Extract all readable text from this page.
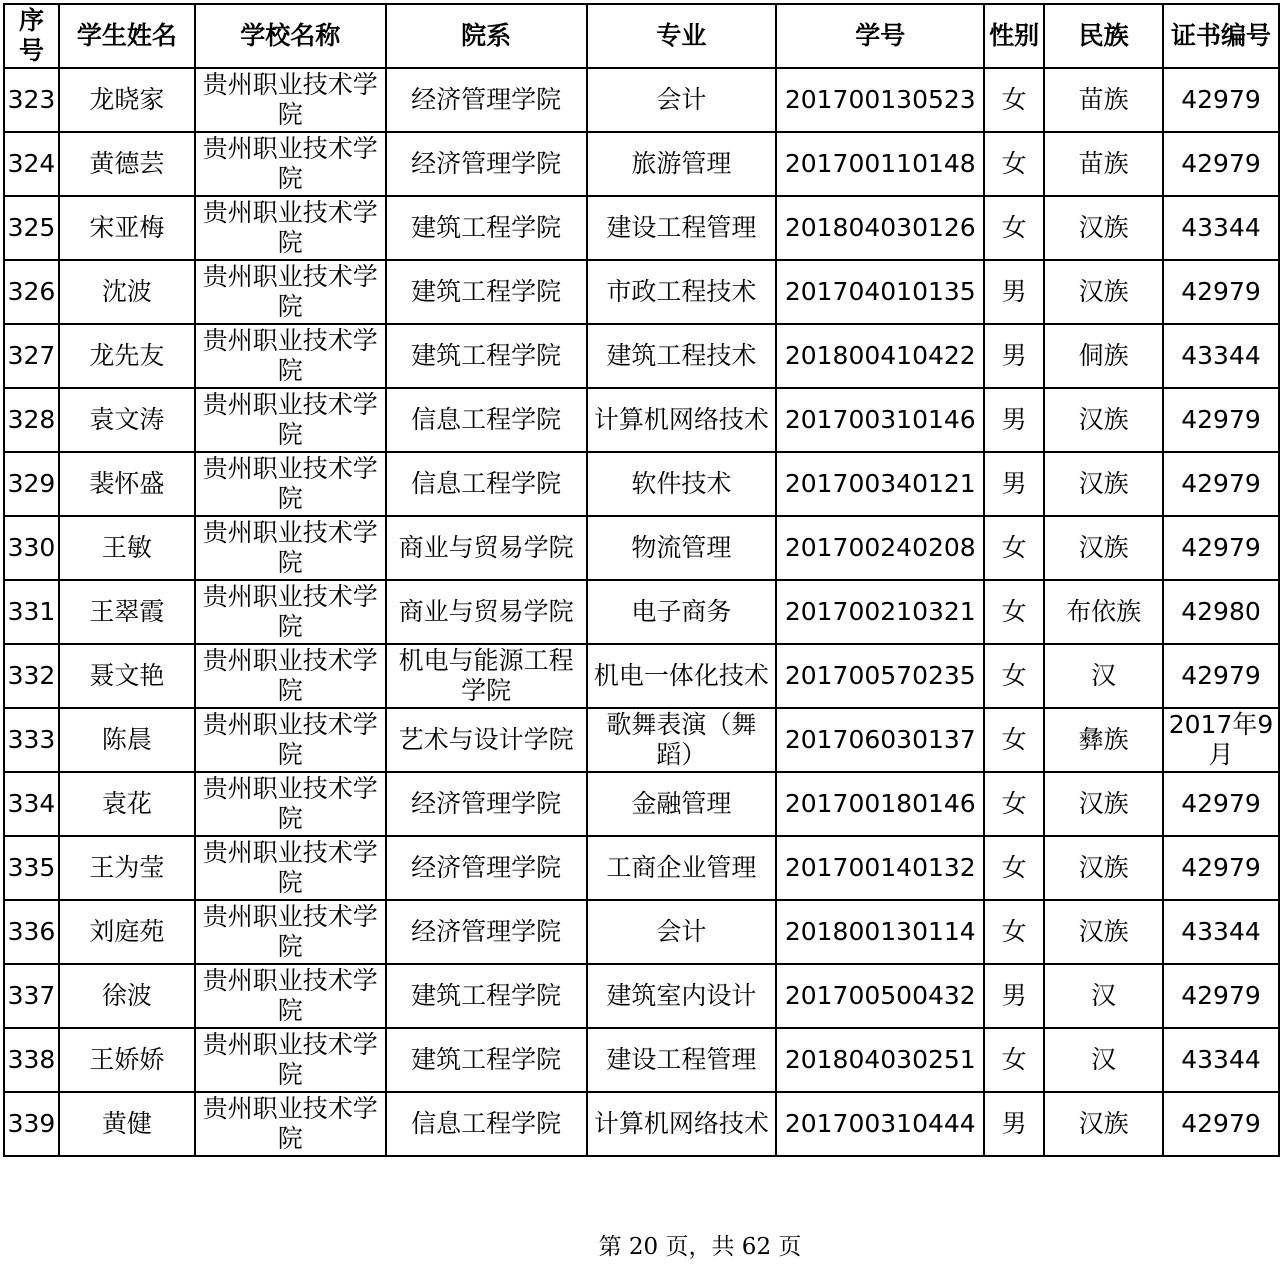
序号	学生姓名	学校名称	院系	专业	学号	性别	民族	证书编号
323	龙晓家	贵州职业技术学院	经济管理学院	会计	201700130523	女	苗族	42979
324	黄德芸	贵州职业技术学院	经济管理学院	旅游管理	201700110148	女	苗族	42979
325	宋亚梅	贵州职业技术学院	建筑工程学院	建设工程管理	201804030126	女	汉族	43344
326	沈波	贵州职业技术学院	建筑工程学院	市政工程技术	201704010135	男	汉族	42979
327	龙先友	贵州职业技术学院	建筑工程学院	建筑工程技术	201800410422	男	侗族	43344
328	袁文涛	贵州职业技术学院	信息工程学院	计算机网络技术	201700310146	男	汉族	42979
329	裴怀盛	贵州职业技术学院	信息工程学院	软件技术	201700340121	男	汉族	42979
330	王敏	贵州职业技术学院	商业与贸易学院	物流管理	201700240208	女	汉族	42979
331	王翠霞	贵州职业技术学院	商业与贸易学院	电子商务	201700210321	女	布依族	42980
332	聂文艳	贵州职业技术学院	机电与能源工程学院	机电一体化技术	201700570235	女	汉	42979
333	陈晨	贵州职业技术学院	艺术与设计学院	歌舞表演（舞蹈）	201706030137	女	彝族	2017年9月
334	袁花	贵州职业技术学院	经济管理学院	金融管理	201700180146	女	汉族	42979
335	王为莹	贵州职业技术学院	经济管理学院	工商企业管理	201700140132	女	汉族	42979
336	刘庭苑	贵州职业技术学院	经济管理学院	会计	201800130114	女	汉族	43344
337	徐波	贵州职业技术学院	建筑工程学院	建筑室内设计	201700500432	男	汉	42979
338	王娇娇	贵州职业技术学院	建筑工程学院	建设工程管理	201804030251	女	汉	43344
339	黄健	贵州职业技术学院	信息工程学院	计算机网络技术	201700310444	男	汉族	42979
第 20 页，共 62 页
